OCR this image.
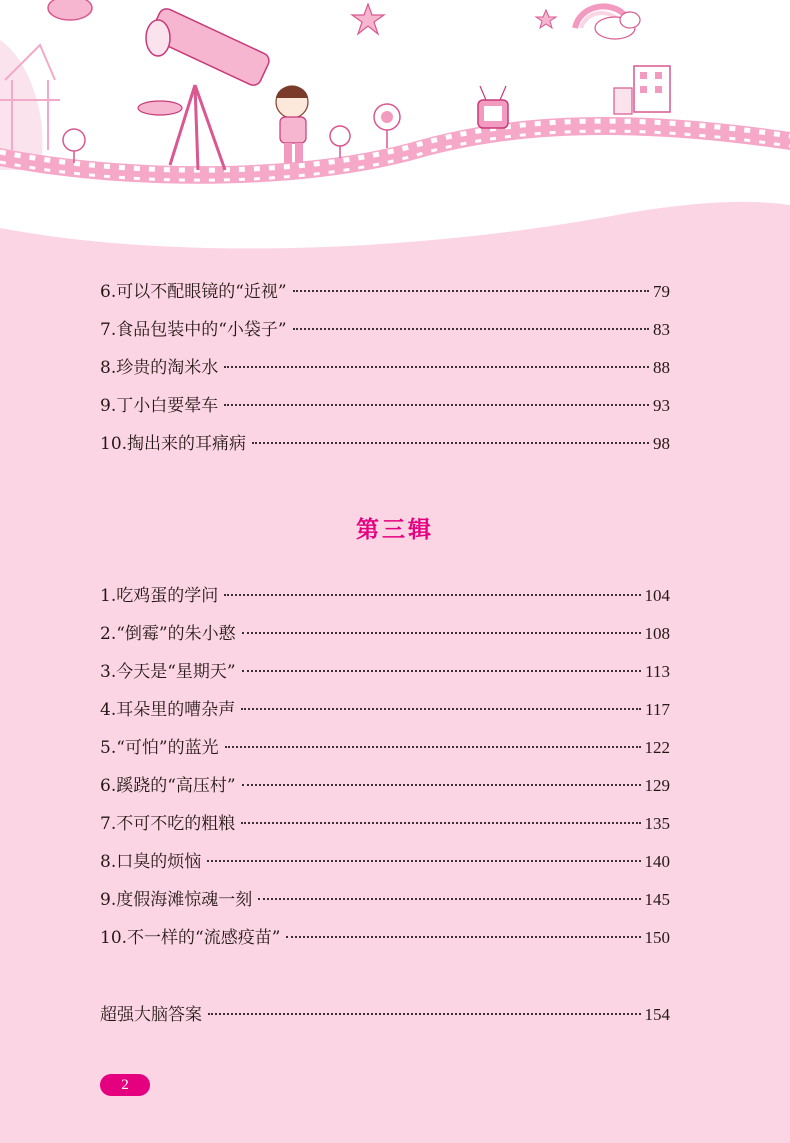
6.可以不配眼镜的“近视”	79
7.食品包装中的“小袋子”	83
8.珍贵的淘米水	88
9.丁小白要晕车	93
10.掏出来的耳痛病	98
第三辑
1.吃鸡蛋的学问	104
2.“倒霉”的朱小憨	108
3.今天是“星期天”	113
4.耳朵里的嘈杂声	117
5.“可怕”的蓝光	122
6.蹊跷的“高压村”	129
7.不可不吃的粗粮	135
8.口臭的烦恼	140
9.度假海滩惊魂一刻	145
10.不一样的“流感疫苗”	150
超强大脑答案	154
2
